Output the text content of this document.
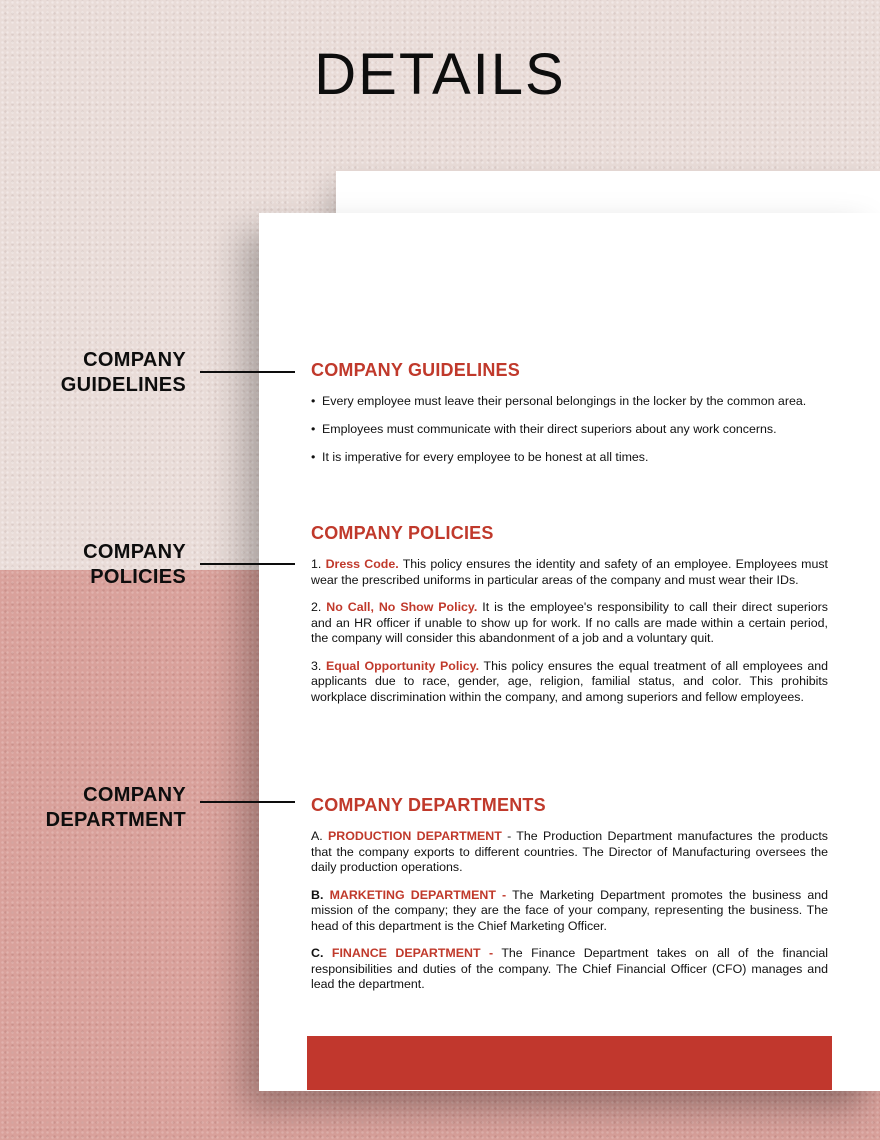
DETAILS
COMPANY
GUIDELINES
COMPANY
POLICIES
COMPANY
DEPARTMENT
COMPANY GUIDELINES
• Every employee must leave their personal belongings in the locker by the common area.
• Employees must communicate with their direct superiors about any work concerns.
• It is imperative for every employee to be honest at all times.
COMPANY POLICIES

1. Dress Code. This policy ensures the identity and safety of an employee. Employees must wear the prescribed uniforms in particular areas of the company and must wear their IDs.

2. No Call, No Show Policy. It is the employee's responsibility to call their direct superiors and an HR officer if unable to show up for work. If no calls are made within a certain period, the company will consider this abandonment of a job and a voluntary quit.

3. Equal Opportunity Policy. This policy ensures the equal treatment of all employees and applicants due to race, gender, age, religion, familial status, and color. This prohibits workplace discrimination within the company, and among superiors and fellow employees.

COMPANY DEPARTMENTS

A. PRODUCTION DEPARTMENT - The Production Department manufactures the products that the company exports to different countries. The Director of Manufacturing oversees the daily production operations.

B. MARKETING DEPARTMENT - The Marketing Department promotes the business and mission of the company; they are the face of your company, representing the business. The head of this department is the Chief Marketing Officer.

C. FINANCE DEPARTMENT - The Finance Department takes on all of the financial responsibilities and duties of the company. The Chief Financial Officer (CFO) manages and lead the department.
